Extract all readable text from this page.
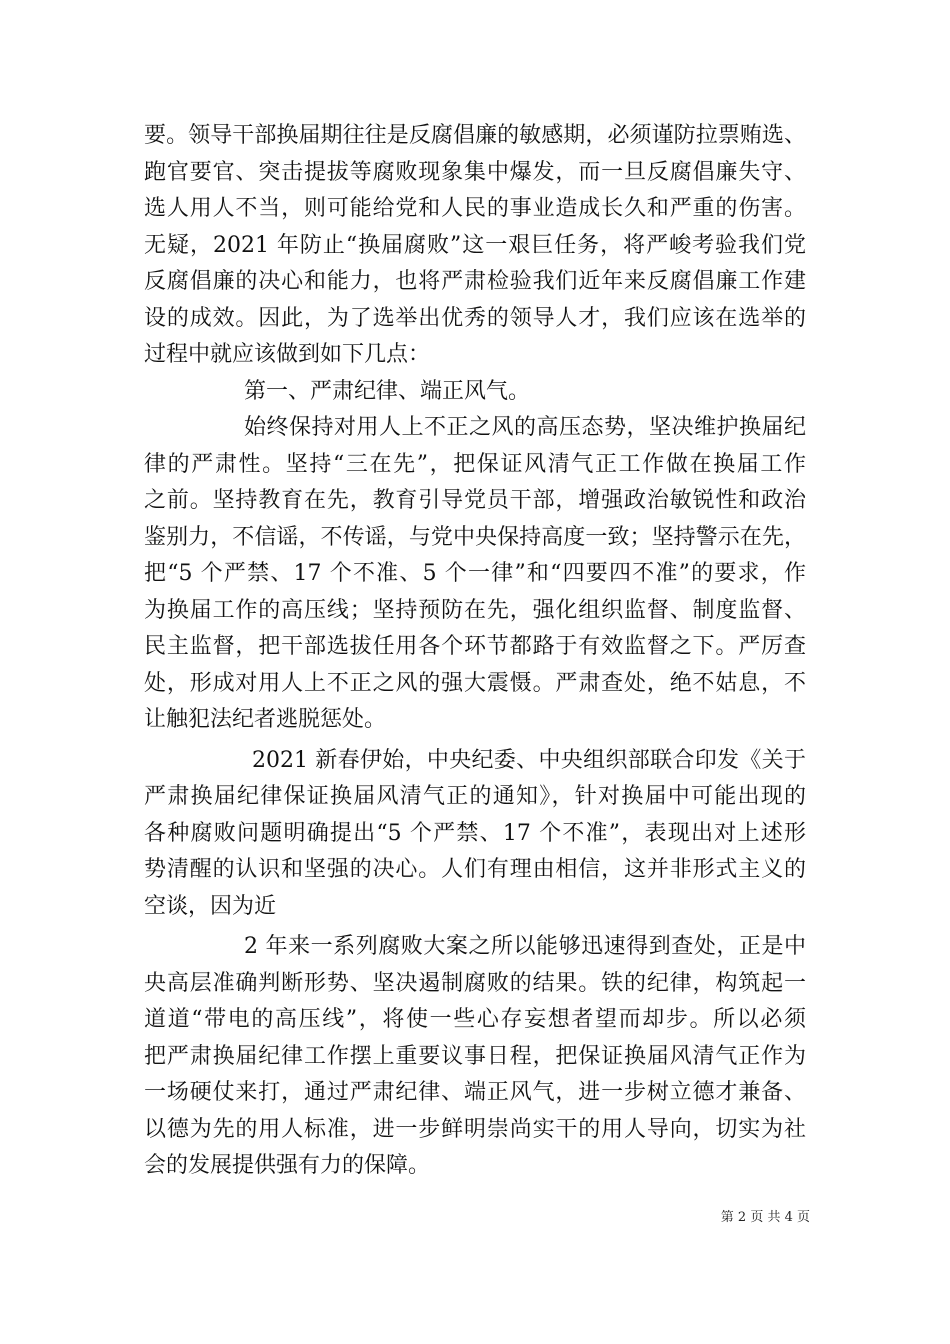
要。领导干部换届期往往是反腐倡廉的敏感期，必须谨防拉票贿选、
跑官要官、突击提拔等腐败现象集中爆发，而一旦反腐倡廉失守、
选人用人不当，则可能给党和人民的事业造成长久和严重的伤害。
无疑，2021 年防止“换届腐败”这一艰巨任务，将严峻考验我们党
反腐倡廉的决心和能力，也将严肃检验我们近年来反腐倡廉工作建
设的成效。因此，为了选举出优秀的领导人才，我们应该在选举的
过程中就应该做到如下几点：
第一、严肃纪律、端正风气。
始终保持对用人上不正之风的高压态势，坚决维护换届纪
律的严肃性。坚持“三在先”，把保证风清气正工作做在换届工作
之前。坚持教育在先，教育引导党员干部，增强政治敏锐性和政治
鉴别力，不信谣，不传谣，与党中央保持高度一致；坚持警示在先，
把“5 个严禁、17 个不准、5 个一律”和“四要四不准”的要求，作
为换届工作的高压线；坚持预防在先，强化组织监督、制度监督、
民主监督，把干部选拔任用各个环节都路于有效监督之下。严厉查
处，形成对用人上不正之风的强大震慑。严肃查处，绝不姑息，不
让触犯法纪者逃脱惩处。
2021 新春伊始，中央纪委、中央组织部联合印发《关于
严肃换届纪律保证换届风清气正的通知》，针对换届中可能出现的
各种腐败问题明确提出“5 个严禁、17 个不准”，表现出对上述形
势清醒的认识和坚强的决心。人们有理由相信，这并非形式主义的
空谈，因为近
2 年来一系列腐败大案之所以能够迅速得到查处，正是中
央高层准确判断形势、坚决遏制腐败的结果。铁的纪律，构筑起一
道道“带电的高压线”，将使一些心存妄想者望而却步。所以必须
把严肃换届纪律工作摆上重要议事日程，把保证换届风清气正作为
一场硬仗来打，通过严肃纪律、端正风气，进一步树立德才兼备、
以德为先的用人标准，进一步鲜明崇尚实干的用人导向，切实为社
会的发展提供强有力的保障。
第 2 页 共 4 页
